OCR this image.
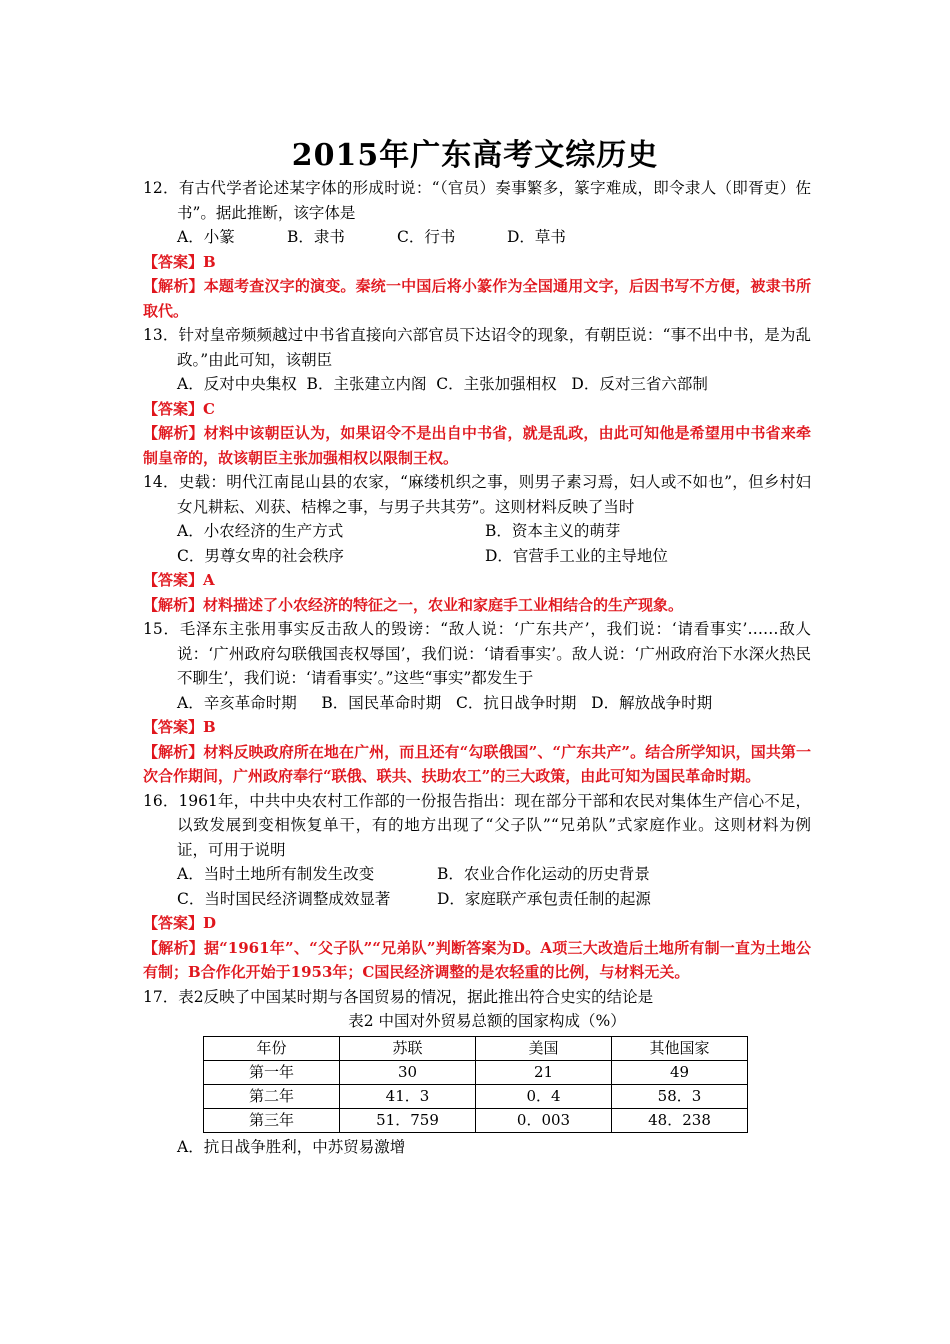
2015年广东高考文综历史

12．有古代学者论述某字体的形成时说：“（官员）奏事繁多，篆字难成，即令隶人（即胥吏）佐书”。据此推断，该字体是

A．小篆	B．隶书	C．行书	D．草书

【答案】B

【解析】本题考查汉字的演变。秦统一中国后将小篆作为全国通用文字，后因书写不方便，被隶书所取代。

13．针对皇帝频频越过中书省直接向六部官员下达诏令的现象，有朝臣说：“事不出中书，是为乱政。”由此可知，该朝臣

A．反对中央集权  B．主张建立内阁  C．主张加强相权   D．反对三省六部制

【答案】C

【解析】材料中该朝臣认为，如果诏令不是出自中书省，就是乱政，由此可知他是希望用中书省来牵制皇帝的，故该朝臣主张加强相权以限制王权。

14．史载：明代江南昆山县的农家，“麻缕机织之事，则男子素习焉，妇人或不如也”，但乡村妇女凡耕耘、刈获、桔槔之事，与男子共其劳”。这则材料反映了当时

A．小农经济的生产方式	B．资本主义的萌芽
C．男尊女卑的社会秩序	D．官营手工业的主导地位

【答案】A

【解析】材料描述了小农经济的特征之一，农业和家庭手工业相结合的生产现象。

15．毛泽东主张用事实反击敌人的毁谤：“敌人说：‘广东共产’，我们说：‘请看事实’……敌人说：‘广州政府勾联俄国丧权辱国’，我们说：‘请看事实’。敌人说：‘广州政府治下水深火热民不聊生’，我们说：‘请看事实’。”这些“事实”都发生于

A．辛亥革命时期     B．国民革命时期   C．抗日战争时期   D．解放战争时期

【答案】B

【解析】材料反映政府所在地在广州，而且还有“勾联俄国”、“广东共产”。结合所学知识，国共第一次合作期间，广州政府奉行“联俄、联共、扶助农工”的三大政策，由此可知为国民革命时期。

16．1961年，中共中央农村工作部的一份报告指出：现在部分干部和农民对集体生产信心不足，以致发展到变相恢复单干，有的地方出现了“父子队”“兄弟队”式家庭作业。这则材料为例证，可用于说明

A．当时土地所有制发生改变	B．农业合作化运动的历史背景
C．当时国民经济调整成效显著	D．家庭联产承包责任制的起源

【答案】D

【解析】据“1961年”、“父子队”“兄弟队”判断答案为D。A项三大改造后土地所有制一直为土地公有制；B合作化开始于1953年；C国民经济调整的是农轻重的比例，与材料无关。

17．表2反映了中国某时期与各国贸易的情况，据此推出符合史实的结论是

表2 中国对外贸易总额的国家构成（%）

年份	苏联	美国	其他国家
第一年	30	21	49
第二年	41．3	0．4	58．3
第三年	51．759	0．003	48．238

A．抗日战争胜利，中苏贸易激增
